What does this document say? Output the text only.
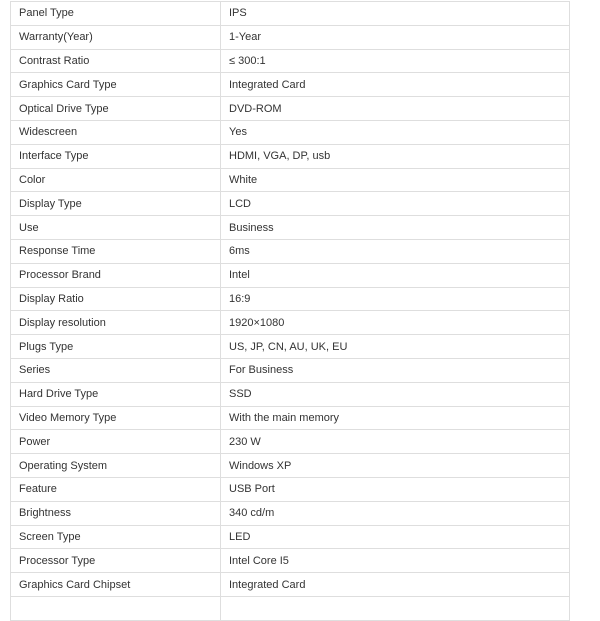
Panel Type	IPS
Warranty(Year)	1-Year
Contrast Ratio	≤ 300:1
Graphics Card Type	Integrated Card
Optical Drive Type	DVD-ROM
Widescreen	Yes
Interface Type	HDMI, VGA, DP, usb
Color	White
Display Type	LCD
Use	Business
Response Time	6ms
Processor Brand	Intel
Display Ratio	16:9
Display resolution	1920×1080
Plugs Type	US, JP, CN, AU, UK, EU
Series	For Business
Hard Drive Type	SSD
Video Memory Type	With the main memory
Power	230 W
Operating System	Windows XP
Feature	USB Port
Brightness	340 cd/m
Screen Type	LED
Processor Type	Intel Core I5
Graphics Card Chipset	Integrated Card
